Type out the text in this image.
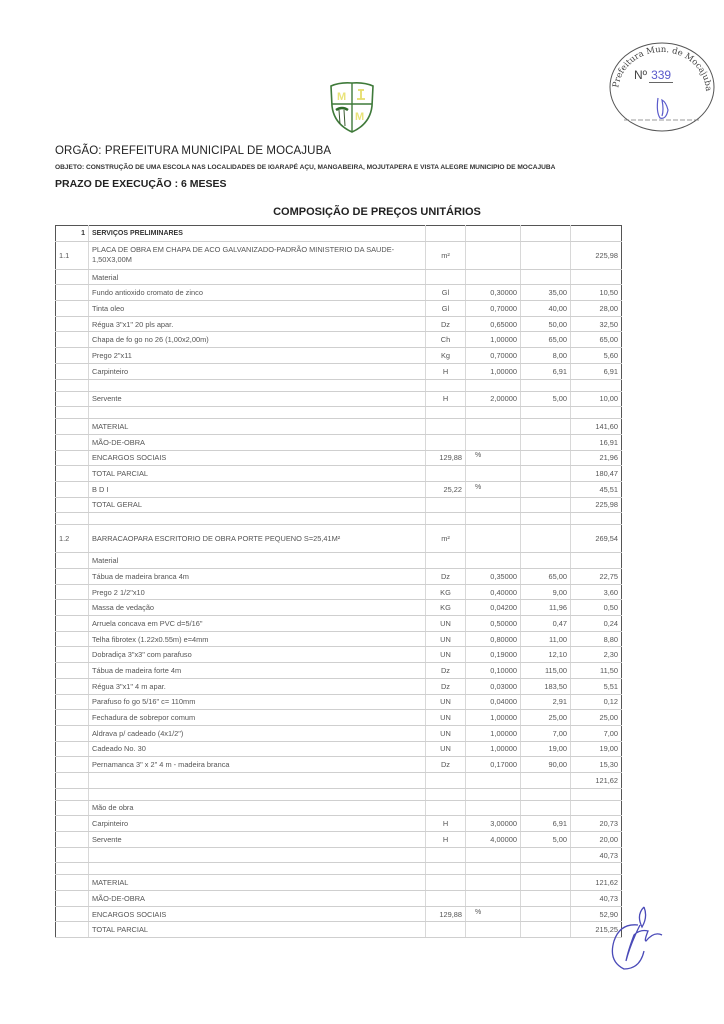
M
M
Prefeitura Mun. de Mocajuba
Nº 339
ORGÃO: PREFEITURA MUNICIPAL DE MOCAJUBA
OBJETO: CONSTRUÇÃO DE UMA ESCOLA NAS LOCALIDADES DE IGARAPÉ AÇU, MANGABEIRA, MOJUTAPERA E VISTA ALEGRE MUNICIPIO DE MOCAJUBA
PRAZO DE EXECUÇÃO : 6 MESES
COMPOSIÇÃO DE PREÇOS UNITÁRIOS
1	SERVIÇOS PRELIMINARES				
1.1	PLACA DE OBRA EM CHAPA DE ACO GALVANIZADO-PADRÃO MINISTERIO DA SAUDE-1,50X3,00M	m²			225,98
	Material				
	Fundo antioxido cromato de zinco	Gl	0,30000	35,00	10,50
	Tinta oleo	Gl	0,70000	40,00	28,00
	Régua 3"x1" 20 pls apar.	Dz	0,65000	50,00	32,50
	Chapa de fo go no 26 (1,00x2,00m)	Ch	1,00000	65,00	65,00
	Prego 2"x11	Kg	0,70000	8,00	5,60
	Carpinteiro	H	1,00000	6,91	6,91

	Servente	H	2,00000	5,00	10,00

	MATERIAL				141,60
	MÃO-DE-OBRA				16,91
	ENCARGOS SOCIAIS	129,88	%		21,96
	TOTAL PARCIAL				180,47
	B D I	25,22	%		45,51
	TOTAL GERAL				225,98

1.2	BARRACAOPARA ESCRITORIO DE OBRA PORTE PEQUENO S=25,41M²	m²			269,54
	Material				
	Tábua de madeira branca 4m	Dz	0,35000	65,00	22,75
	Prego 2 1/2"x10	KG	0,40000	9,00	3,60
	Massa de vedação	KG	0,04200	11,96	0,50
	Arruela concava em PVC d=5/16"	UN	0,50000	0,47	0,24
	Telha fibrotex (1.22x0.55m) e=4mm	UN	0,80000	11,00	8,80
	Dobradiça 3"x3" com parafuso	UN	0,19000	12,10	2,30
	Tábua de madeira forte 4m	Dz	0,10000	115,00	11,50
	Régua 3"x1" 4 m apar.	Dz	0,03000	183,50	5,51
	Parafuso fo go 5/16" c= 110mm	UN	0,04000	2,91	0,12
	Fechadura de sobrepor comum	UN	1,00000	25,00	25,00
	Aldrava p/ cadeado (4x1/2")	UN	1,00000	7,00	7,00
	Cadeado No. 30	UN	1,00000	19,00	19,00
	Pernamanca 3" x 2" 4 m - madeira branca	Dz	0,17000	90,00	15,30
					121,62

	Mão de obra				
	Carpinteiro	H	3,00000	6,91	20,73
	Servente	H	4,00000	5,00	20,00
					40,73

	MATERIAL				121,62
	MÃO-DE-OBRA				40,73
	ENCARGOS SOCIAIS	129,88	%		52,90
	TOTAL PARCIAL				215,25
